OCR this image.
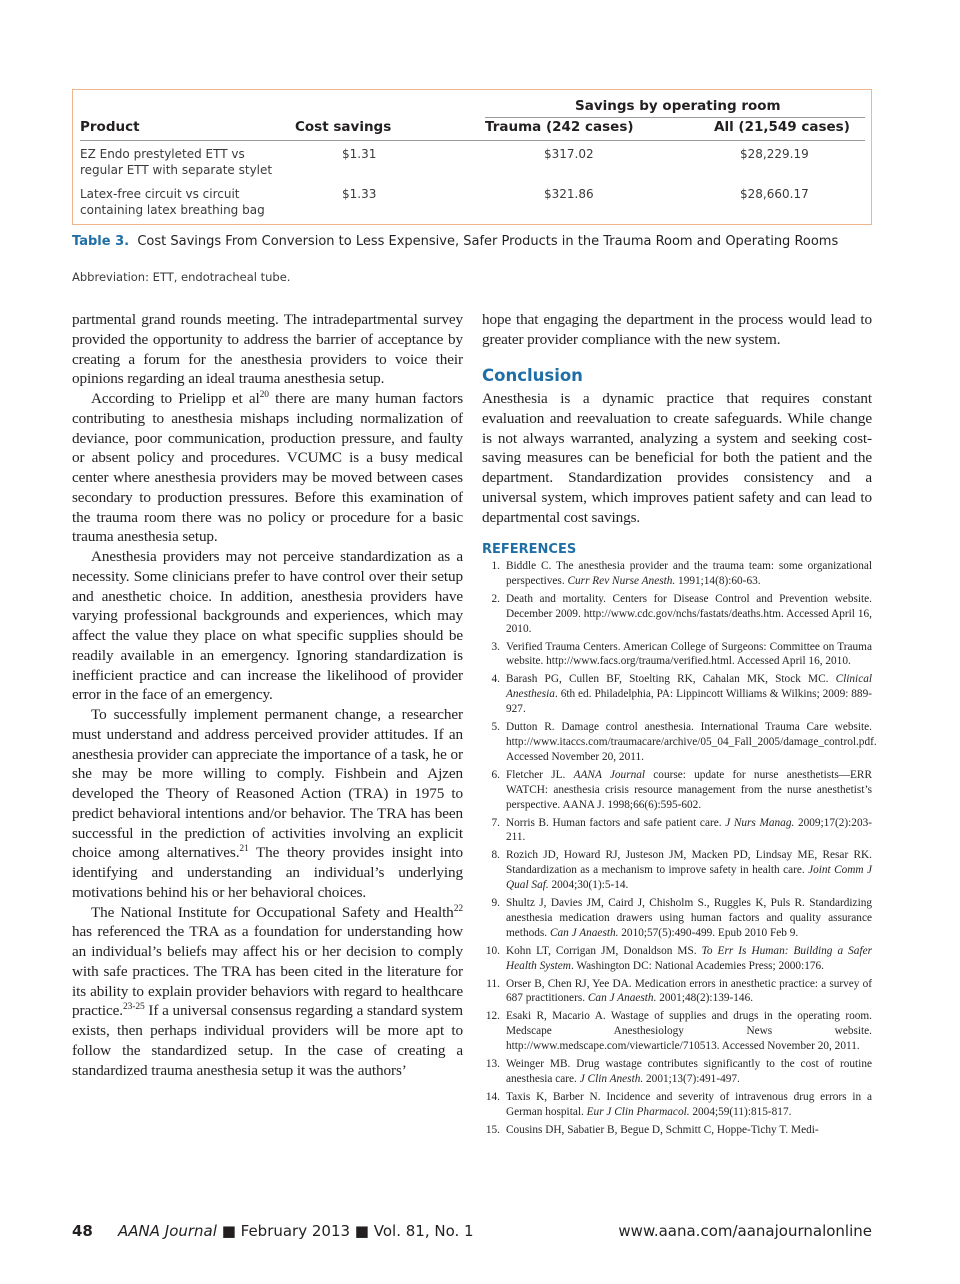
Savings by operating room
Product	Cost savings	Trauma (242 cases)	All (21,549 cases)
EZ Endo prestyleted ETT vs
regular ETT with separate stylet
$1.31	$317.02	$28,229.19
Latex-free circuit vs circuit
containing latex breathing bag
$1.33	$321.86	$28,660.17
Table 3. Cost Savings From Conversion to Less Expensive, Safer Products in the Trauma Room and Operating Rooms
Abbreviation: ETT, endotracheal tube.

partmental grand rounds meeting. The intradepartmental survey provided the opportunity to address the barrier of acceptance by creating a forum for the anesthesia providers to voice their opinions regarding an ideal trauma anesthesia setup.

According to Prielipp et $al^{20}$ there are many human factors contributing to anesthesia mishaps including normalization of deviance, poor communication, production pressure, and faulty or absent policy and procedures. VCUMC is a busy medical center where anesthesia providers may be moved between cases secondary to production pressures. Before this examination of the trauma room there was no policy or procedure for a basic trauma anesthesia setup.

Anesthesia providers may not perceive standardization as a necessity. Some clinicians prefer to have control over their setup and anesthetic choice. In addition, anesthesia providers have varying professional backgrounds and experiences, which may affect the value they place on what specific supplies should be readily available in an emergency. Ignoring standardization is inefficient practice and can increase the likelihood of provider error in the face of an emergency.

To successfully implement permanent change, a researcher must understand and address perceived provider attitudes. If an anesthesia provider can appreciate the importance of a task, he or she may be more willing to comply. Fishbein and Ajzen developed the Theory of Reasoned Action (TRA) in 1975 to predict behavioral intentions and/or behavior. The TRA has been successful in the prediction of activities involving an explicit choice among alternatives.$^{21}$ The theory provides insight into identifying and understanding an individual’s underlying motivations behind his or her behavioral choices.

The National Institute for Occupational Safety and Health$^{22}$ has referenced the TRA as a foundation for understanding how an individual’s beliefs may affect his or her decision to comply with safe practices. The TRA has been cited in the literature for its ability to explain provider behaviors with regard to healthcare practice.$^{23-25}$ If a universal consensus regarding a standard system exists, then perhaps individual providers will be more apt to follow the standardized setup. In the case of creating a standardized trauma anesthesia setup it was the authors’

hope that engaging the department in the process would lead to greater provider compliance with the new system.
Conclusion
Anesthesia is a dynamic practice that requires constant evaluation and reevaluation to create safeguards. While change is not always warranted, analyzing a system and seeking cost-saving measures can be beneficial for both the patient and the department. Standardization provides consistency and a universal system, which improves patient safety and can lead to departmental cost savings.
REFERENCES
1. Biddle C. The anesthesia provider and the trauma team: some organizational perspectives. Curr Rev Nurse Anesth. 1991;14(8):60-63.
2. Death and mortality. Centers for Disease Control and Prevention website. December 2009. http://www.cdc.gov/nchs/fastats/deaths.htm. Accessed April 16, 2010.
3. Verified Trauma Centers. American College of Surgeons: Committee on Trauma website. http://www.facs.org/trauma/verified.html. Accessed April 16, 2010.
4. Barash PG, Cullen BF, Stoelting RK, Cahalan MK, Stock MC. Clinical Anesthesia. 6th ed. Philadelphia, PA: Lippincott Williams & Wilkins; 2009: 889-927.
5. Dutton R. Damage control anesthesia. International Trauma Care website. http://www.itaccs.com/traumacare/archive/05_04_Fall_2005/damage_control.pdf. Accessed November 20, 2011.
6. Fletcher JL. AANA Journal course: update for nurse anesthetists—ERR WATCH: anesthesia crisis resource management from the nurse anesthetist’s perspective. AANA J. 1998;66(6):595-602.
7. Norris B. Human factors and safe patient care. J Nurs Manag. 2009;17(2):203-211.
8. Rozich JD, Howard RJ, Justeson JM, Macken PD, Lindsay ME, Resar RK. Standardization as a mechanism to improve safety in health care. Joint Comm J Qual Saf. 2004;30(1):5-14.
9. Shultz J, Davies JM, Caird J, Chisholm S., Ruggles K, Puls R. Standardizing anesthesia medication drawers using human factors and quality assurance methods. Can J Anaesth. 2010;57(5):490-499. Epub 2010 Feb 9.
10. Kohn LT, Corrigan JM, Donaldson MS. To Err Is Human: Building a Safer Health System. Washington DC: National Academies Press; 2000:176.
11. Orser B, Chen RJ, Yee DA. Medication errors in anesthetic practice: a survey of 687 practitioners. Can J Anaesth. 2001;48(2):139-146.
12. Esaki R, Macario A. Wastage of supplies and drugs in the operating room. Medscape Anesthesiology News website. http://www.medscape.com/viewarticle/710513. Accessed November 20, 2011.
13. Weinger MB. Drug wastage contributes significantly to the cost of routine anesthesia care. J Clin Anesth. 2001;13(7):491-497.
14. Taxis K, Barber N. Incidence and severity of intravenous drug errors in a German hospital. Eur J Clin Pharmacol. 2004;59(11):815-817.
15. Cousins DH, Sabatier B, Begue D, Schmitt C, Hoppe-Tichy T. Medi-
48 AANA Journal ■ February 2013 ■ Vol. 81, No. 1	www.aana.com/aanajournalonline
